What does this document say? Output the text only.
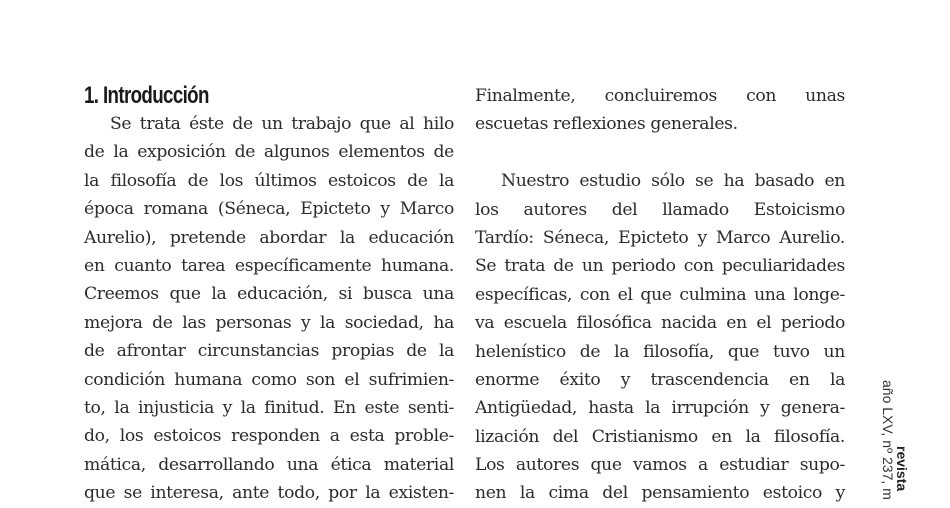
1. Introducción
Se trata éste de un trabajo que al hilo
de la exposición de algunos elementos de
la filosofía de los últimos estoicos de la
época romana (Séneca, Epicteto y Marco
Aurelio), pretende abordar la educación
en cuanto tarea específicamente humana.
Creemos que la educación, si busca una
mejora de las personas y la sociedad, ha
de afrontar circunstancias propias de la
condición humana como son el sufrimien-
to, la injusticia y la finitud. En este senti-
do, los estoicos responden a esta proble-
mática, desarrollando una ética material
que se interesa, ante todo, por la existen-
Finalmente, concluiremos con unas
escuetas reflexiones generales.
Nuestro estudio sólo se ha basado en
los autores del llamado Estoicismo
Tardío: Séneca, Epicteto y Marco Aurelio.
Se trata de un periodo con peculiaridades
específicas, con el que culmina una longe-
va escuela filosófica nacida en el periodo
helenístico de la filosofía, que tuvo un
enorme éxito y trascendencia en la
Antigüedad, hasta la irrupción y genera-
lización del Cristianismo en la filosofía.
Los autores que vamos a estudiar supo-
nen la cima del pensamiento estoico y	año LXV, nº 237, m
revista
